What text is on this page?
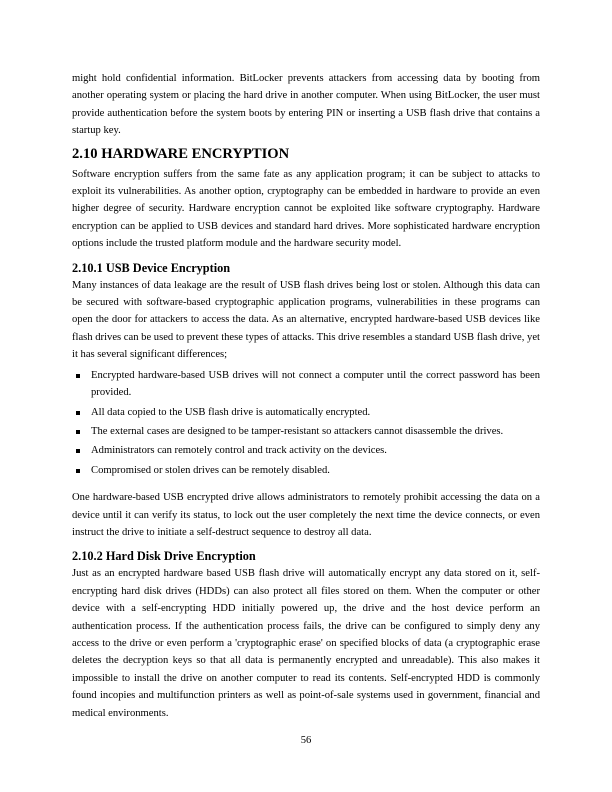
might hold confidential information. BitLocker prevents attackers from accessing data by booting from another operating system or placing the hard drive in another computer. When using BitLocker, the user must provide authentication before the system boots by entering PIN or inserting a USB flash drive that contains a startup key.

2.10 HARDWARE ENCRYPTION

Software encryption suffers from the same fate as any application program; it can be subject to attacks to exploit its vulnerabilities. As another option, cryptography can be embedded in hardware to provide an even higher degree of security. Hardware encryption cannot be exploited like software cryptography. Hardware encryption can be applied to USB devices and standard hard drives. More sophisticated hardware encryption options include the trusted platform module and the hardware security model.

2.10.1 USB Device Encryption

Many instances of data leakage are the result of USB flash drives being lost or stolen. Although this data can be secured with software-based cryptographic application programs, vulnerabilities in these programs can open the door for attackers to access the data. As an alternative, encrypted hardware-based USB devices like flash drives can be used to prevent these types of attacks. This drive resembles a standard USB flash drive, yet it has several significant differences;

Encrypted hardware-based USB drives will not connect a computer until the correct password has been provided.
All data copied to the USB flash drive is automatically encrypted.
The external cases are designed to be tamper-resistant so attackers cannot disassemble the drives.
Administrators can remotely control and track activity on the devices.
Compromised or stolen drives can be remotely disabled.

One hardware-based USB encrypted drive allows administrators to remotely prohibit accessing the data on a device until it can verify its status, to lock out the user completely the next time the device connects, or even instruct the drive to initiate a self-destruct sequence to destroy all data.

2.10.2 Hard Disk Drive Encryption

Just as an encrypted hardware based USB flash drive will automatically encrypt any data stored on it, self-encrypting hard disk drives (HDDs) can also protect all files stored on them. When the computer or other device with a self-encrypting HDD initially powered up, the drive and the host device perform an authentication process. If the authentication process fails, the drive can be configured to simply deny any access to the drive or even perform a 'cryptographic erase' on specified blocks of data (a cryptographic erase deletes the decryption keys so that all data is permanently encrypted and unreadable). This also makes it impossible to install the drive on another computer to read its contents. Self-encrypted HDD is commonly found incopies and multifunction printers as well as point-of-sale systems used in government, financial and medical environments.

56
